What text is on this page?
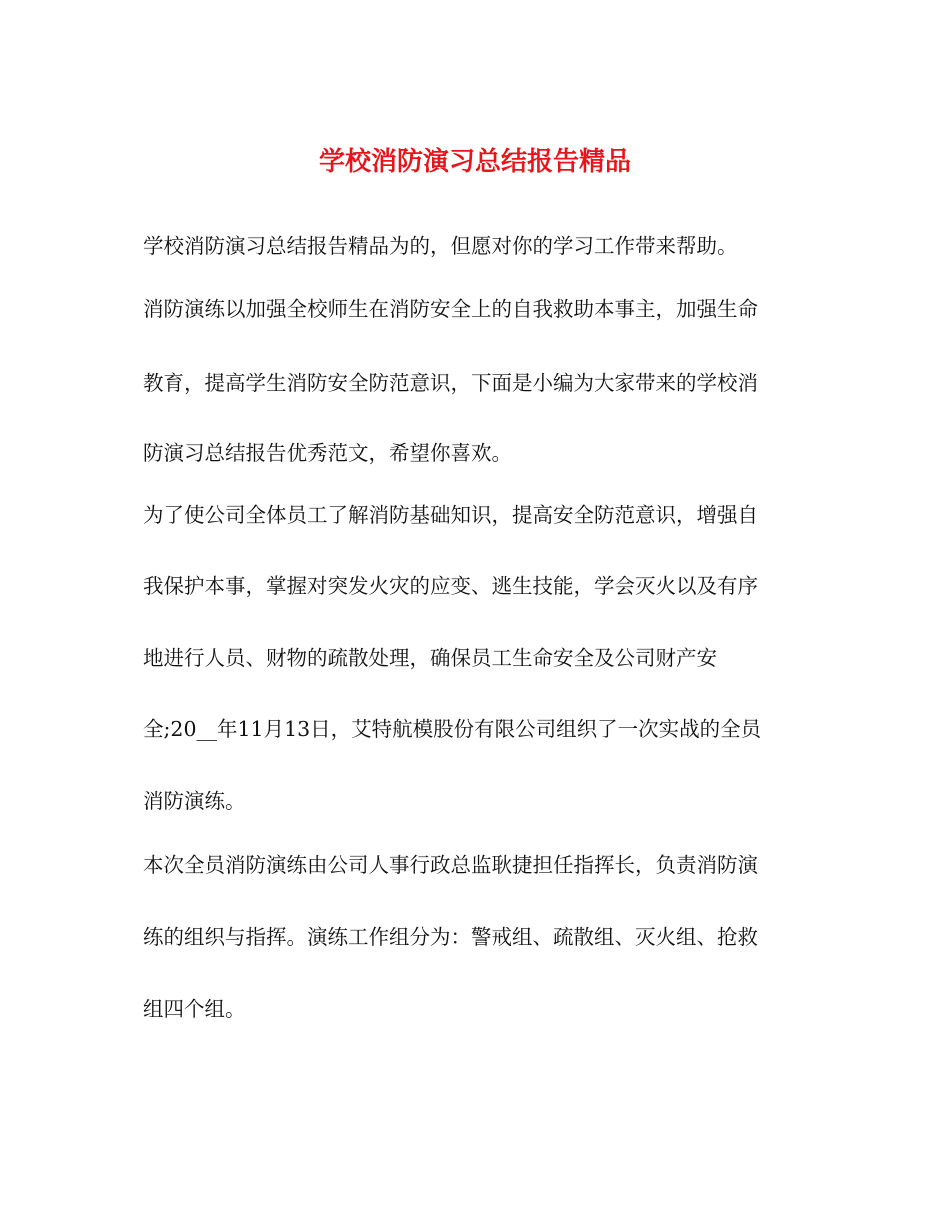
学校消防演习总结报告精品

学校消防演习总结报告精品为的，但愿对你的学习工作带来帮助。

消防演练以加强全校师生在消防安全上的自我救助本事主，加强生命

教育，提高学生消防安全防范意识，下面是小编为大家带来的学校消

防演习总结报告优秀范文，希望你喜欢。

为了使公司全体员工了解消防基础知识，提高安全防范意识，增强自

我保护本事，掌握对突发火灾的应变、逃生技能，学会灭火以及有序

地进行人员、财物的疏散处理，确保员工生命安全及公司财产安

全;20__年11月13日，艾特航模股份有限公司组织了一次实战的全员

消防演练。

本次全员消防演练由公司人事行政总监耿捷担任指挥长，负责消防演

练的组织与指挥。演练工作组分为：警戒组、疏散组、灭火组、抢救

组四个组。
